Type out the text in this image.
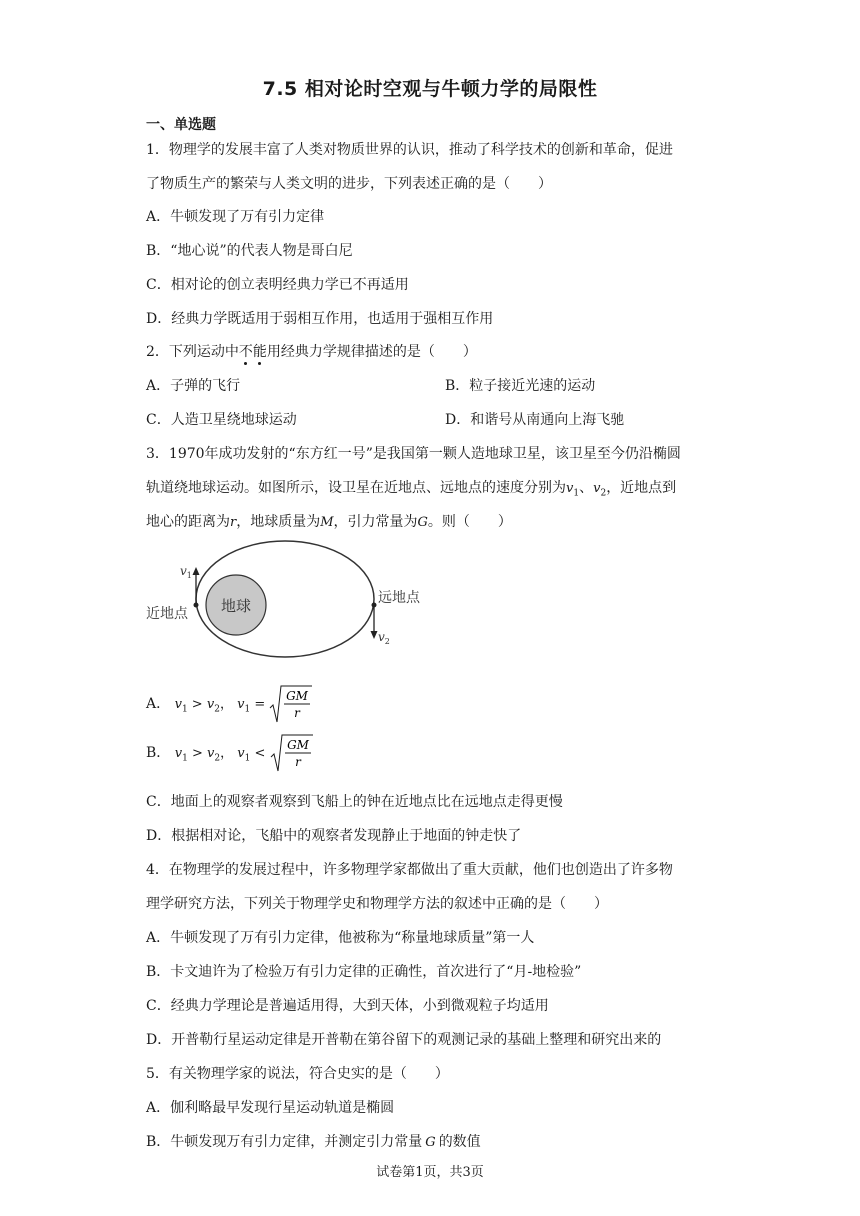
7.5 相对论时空观与牛顿力学的局限性
一、单选题
1．物理学的发展丰富了人类对物质世界的认识，推动了科学技术的创新和革命，促进
了物质生产的繁荣与人类文明的进步，下列表述正确的是（　　）
A．牛顿发现了万有引力定律
B．“地心说”的代表人物是哥白尼
C．相对论的创立表明经典力学已不再适用
D．经典力学既适用于弱相互作用，也适用于强相互作用
2．下列运动中不能用经典力学规律描述的是（　　）
A．子弹的飞行	B．粒子接近光速的运动
C．人造卫星绕地球运动	D．和谐号从南通向上海飞驰
3．1970年成功发射的“东方红一号”是我国第一颗人造地球卫星，该卫星至今仍沿椭圆
轨道绕地球运动。如图所示，设卫星在近地点、远地点的速度分别为$v_1$、$v_2$，近地点到
地心的距离为r，地球质量为M，引力常量为G。则（　　）
地球
$v_1$
近地点
$v_2$
远地点
A． $v_1 > v_2$， $v_1$ =
GM
r
B． $v_1 > v_2$， $v_1$ <
GM
r
C．地面上的观察者观察到飞船上的钟在近地点比在远地点走得更慢
D．根据相对论，飞船中的观察者发现静止于地面的钟走快了
4．在物理学的发展过程中，许多物理学家都做出了重大贡献，他们也创造出了许多物
理学研究方法，下列关于物理学史和物理学方法的叙述中正确的是（　　）
A．牛顿发现了万有引力定律，他被称为“称量地球质量”第一人
B．卡文迪许为了检验万有引力定律的正确性，首次进行了“月-地检验”
C．经典力学理论是普遍适用得，大到天体，小到微观粒子均适用
D．开普勒行星运动定律是开普勒在第谷留下的观测记录的基础上整理和研究出来的
5．有关物理学家的说法，符合史实的是（　　）
A．伽利略最早发现行星运动轨道是椭圆
B．牛顿发现万有引力定律，并测定引力常量 G 的数值
试卷第1页，共3页
